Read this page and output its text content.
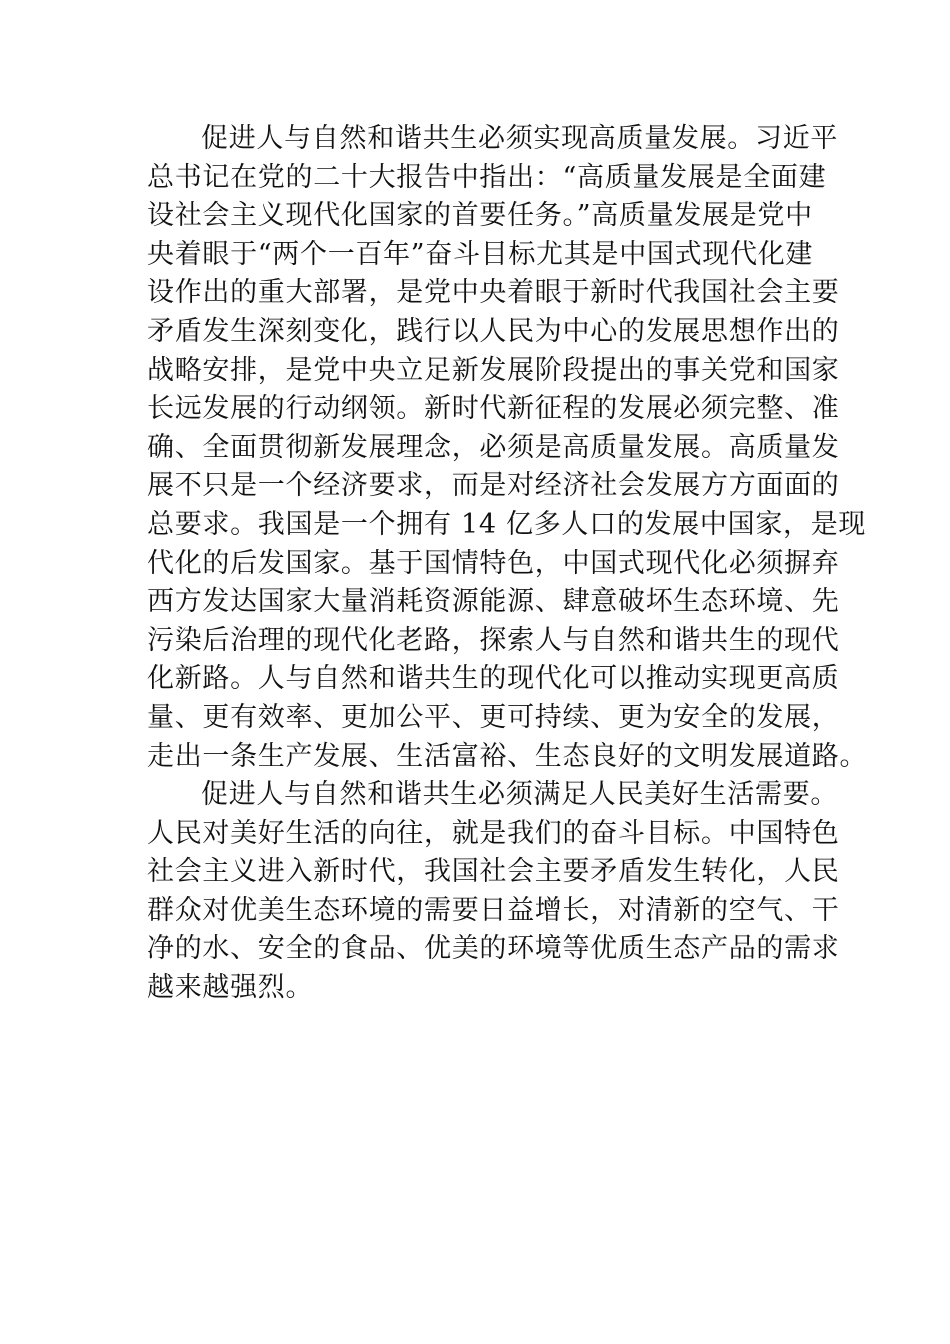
促进人与自然和谐共生必须实现高质量发展。习近平
总书记在党的二十大报告中指出：“高质量发展是全面建
设社会主义现代化国家的首要任务。”高质量发展是党中
央着眼于“两个一百年”奋斗目标尤其是中国式现代化建
设作出的重大部署，是党中央着眼于新时代我国社会主要
矛盾发生深刻变化，践行以人民为中心的发展思想作出的
战略安排，是党中央立足新发展阶段提出的事关党和国家
长远发展的行动纲领。新时代新征程的发展必须完整、准
确、全面贯彻新发展理念，必须是高质量发展。高质量发
展不只是一个经济要求，而是对经济社会发展方方面面的
总要求。我国是一个拥有 14 亿多人口的发展中国家，是现
代化的后发国家。基于国情特色，中国式现代化必须摒弃
西方发达国家大量消耗资源能源、肆意破坏生态环境、先
污染后治理的现代化老路，探索人与自然和谐共生的现代
化新路。人与自然和谐共生的现代化可以推动实现更高质
量、更有效率、更加公平、更可持续、更为安全的发展，
走出一条生产发展、生活富裕、生态良好的文明发展道路。
促进人与自然和谐共生必须满足人民美好生活需要。
人民对美好生活的向往，就是我们的奋斗目标。中国特色
社会主义进入新时代，我国社会主要矛盾发生转化，人民
群众对优美生态环境的需要日益增长，对清新的空气、干
净的水、安全的食品、优美的环境等优质生态产品的需求
越来越强烈。
